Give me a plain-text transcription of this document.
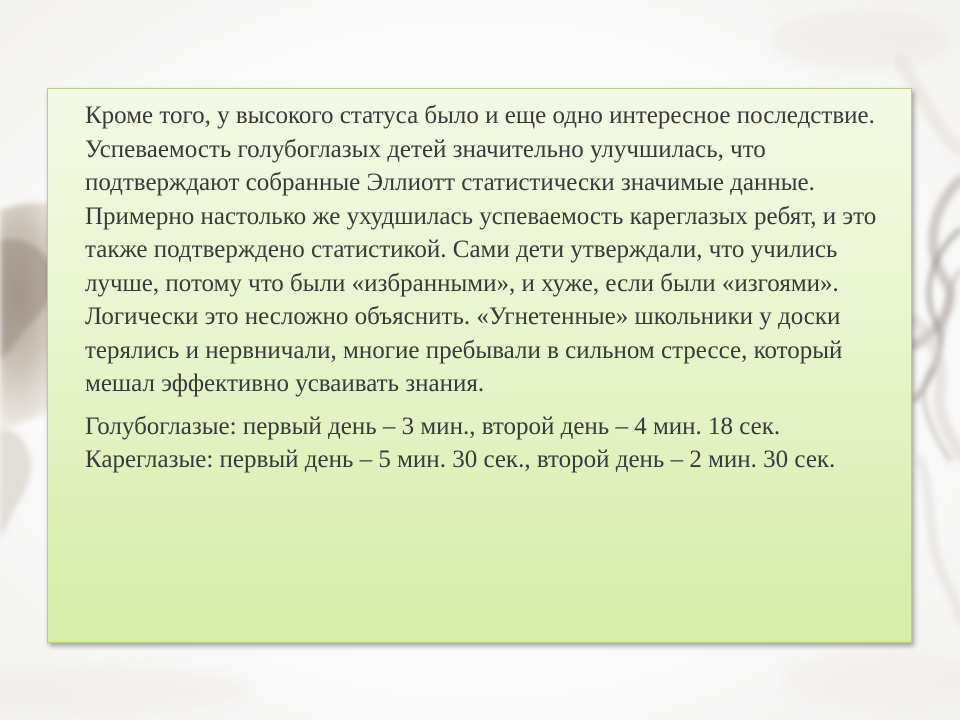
Кроме того, у высокого статуса было и еще одно интересное последствие. Успеваемость голубоглазых детей значительно улучшилась, что подтверждают собранные Эллиотт статистически значимые данные. Примерно настолько же ухудшилась успеваемость кареглазых ребят, и это также подтверждено статистикой. Сами дети утверждали, что учились лучше, потому что были «избранными», и хуже, если были «изгоями». Логически это несложно объяснить. «Угнетенные» школьники у доски терялись и нервничали, многие пребывали в сильном стрессе, который мешал эффективно усваивать знания.

Голубоглазые: первый день – 3 мин., второй день – 4 мин. 18 сек.

Кареглазые: первый день – 5 мин. 30 сек., второй день – 2 мин. 30 сек.
